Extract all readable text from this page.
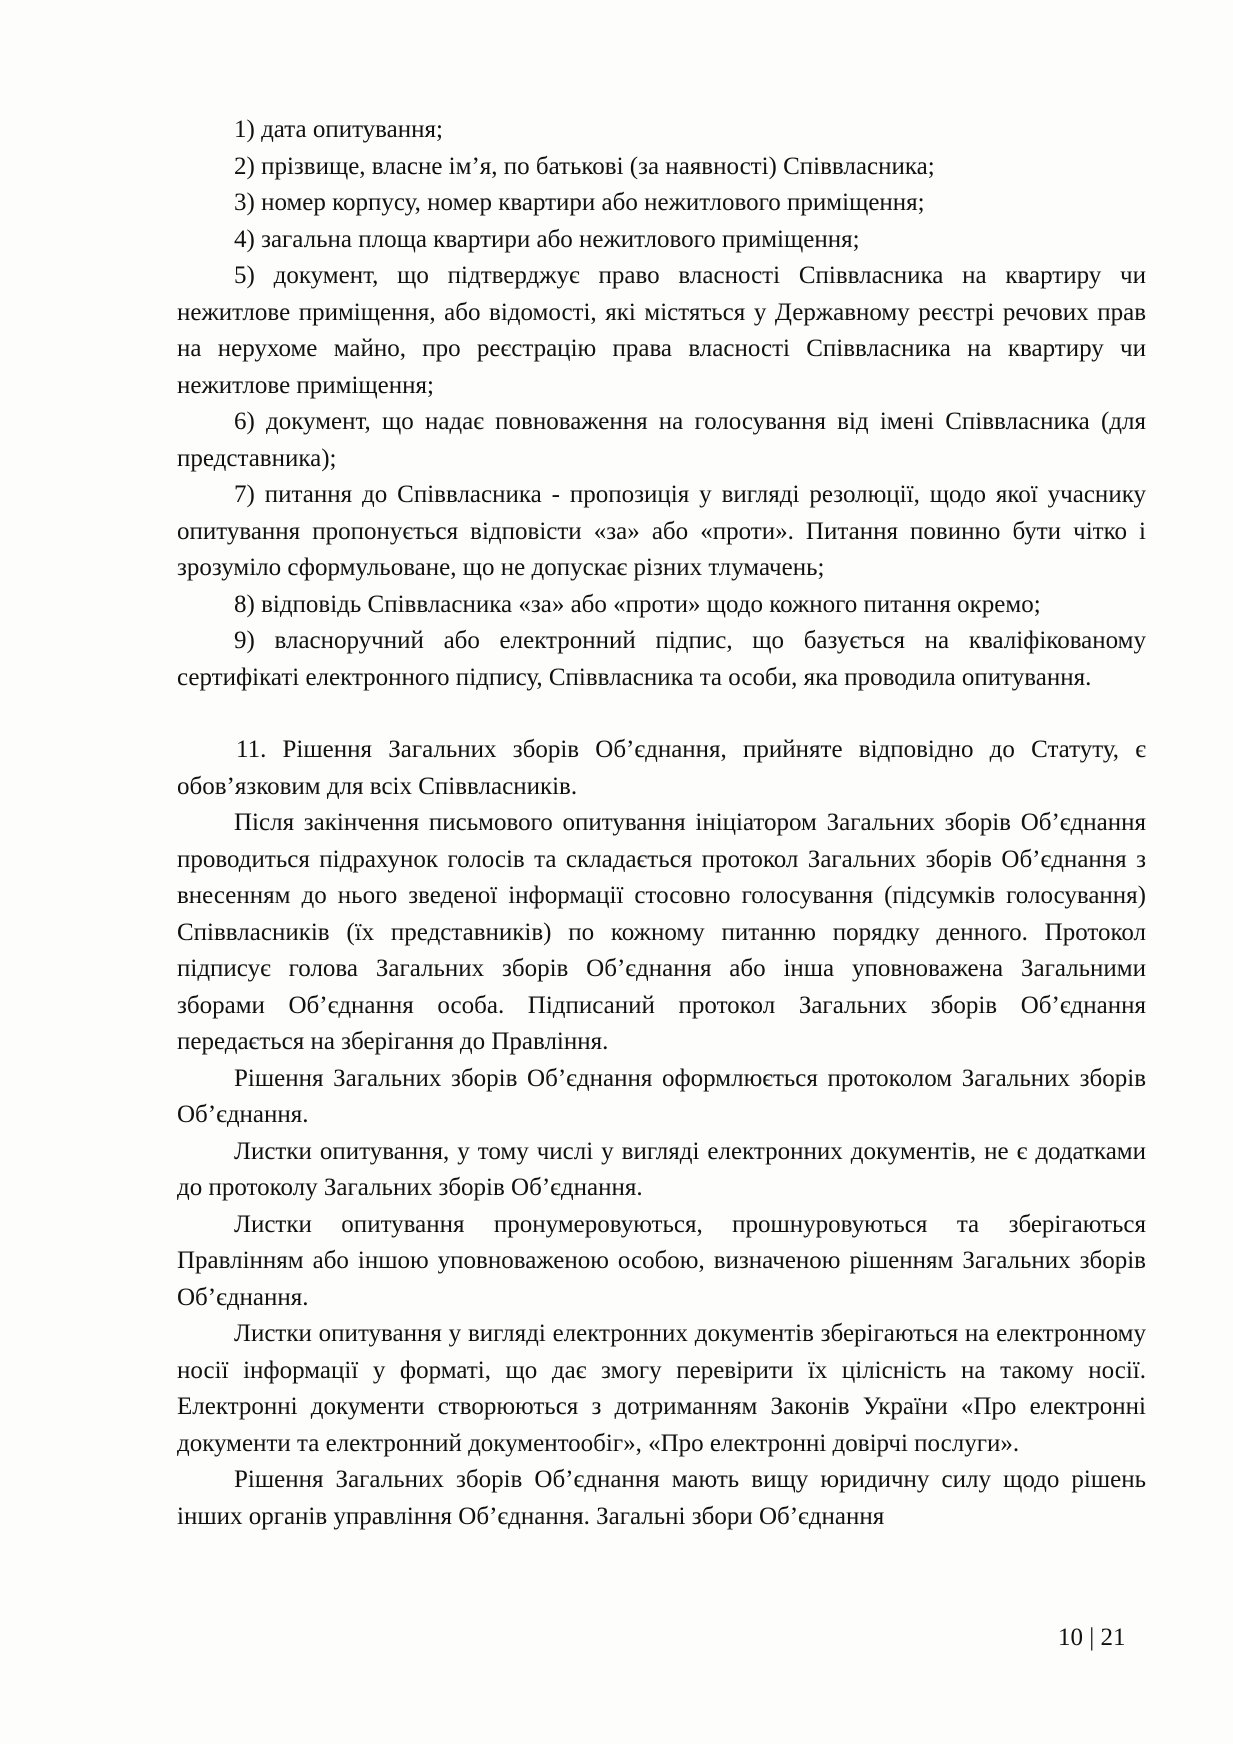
1) дата опитування;

2) прізвище, власне ім’я, по батькові (за наявності) Співвласника;

3) номер корпусу, номер квартири або нежитлового приміщення;

4) загальна площа квартири або нежитлового приміщення;

5) документ, що підтверджує право власності Співвласника на квартиру чи нежитлове приміщення, або відомості, які містяться у Державному реєстрі речових прав на нерухоме майно, про реєстрацію права власності Співвласника на квартиру чи нежитлове приміщення;

6) документ, що надає повноваження на голосування від імені Співвласника (для представника);

7) питання до Співвласника - пропозиція у вигляді резолюції, щодо якої учаснику опитування пропонується відповісти «за» або «проти». Питання повинно бути чітко і зрозуміло сформульоване, що не допускає різних тлумачень;

8) відповідь Співвласника «за» або «проти» щодо кожного питання окремо;

9) власноручний або електронний підпис, що базується на кваліфікованому сертифікаті електронного підпису, Співвласника та особи, яка проводила опитування.

11. Рішення Загальних зборів Об’єднання, прийняте відповідно до Статуту, є обов’язковим для всіх Співвласників.

Після закінчення письмового опитування ініціатором Загальних зборів Об’єднання проводиться підрахунок голосів та складається протокол Загальних зборів Об’єднання з внесенням до нього зведеної інформації стосовно голосування (підсумків голосування) Співвласників (їх представників) по кожному питанню порядку денного. Протокол підписує голова Загальних зборів Об’єднання або інша уповноважена Загальними зборами Об’єднання особа. Підписаний протокол Загальних зборів Об’єднання передається на зберігання до Правління.

Рішення Загальних зборів Об’єднання оформлюється протоколом Загальних зборів Об’єднання.

Листки опитування, у тому числі у вигляді електронних документів, не є додатками до протоколу Загальних зборів Об’єднання.

Листки опитування пронумеровуються, прошнуровуються та зберігаються Правлінням або іншою уповноваженою особою, визначеною рішенням Загальних зборів Об’єднання.

Листки опитування у вигляді електронних документів зберігаються на електронному носії інформації у форматі, що дає змогу перевірити їх цілісність на такому носії. Електронні документи створюються з дотриманням Законів України «Про електронні документи та електронний документообіг», «Про електронні довірчі послуги».

Рішення Загальних зборів Об’єднання мають вищу юридичну силу щодо рішень інших органів управління Об’єднання. Загальні збори Об’єднання

10 | 21
